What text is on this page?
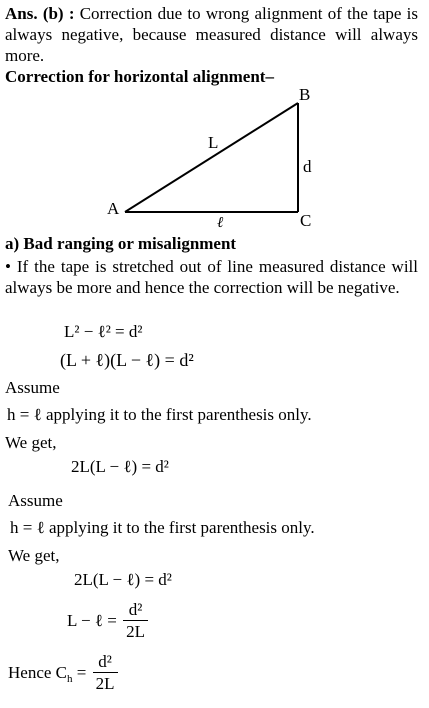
Ans. (b) : Correction due to wrong alignment of the tape is always negative, because measured distance will always more.
Correction for horizontal alignment–
B
A
C
L
d
ℓ
a) Bad ranging or misalignment
• If the tape is stretched out of line measured distance will always be more and hence the correction will be negative.
L² − ℓ² = d²
(L + ℓ)(L − ℓ) = d²
Assume
h = ℓ applying it to the first parenthesis only.
We get,
2L(L − ℓ) = d²
Assume
h = ℓ applying it to the first parenthesis only.
We get,
2L(L − ℓ) = d²
L − ℓ = $\frac{\text{d²}}{2L}$
Hence $C_h = \frac{\text{d²}}{2L}$
